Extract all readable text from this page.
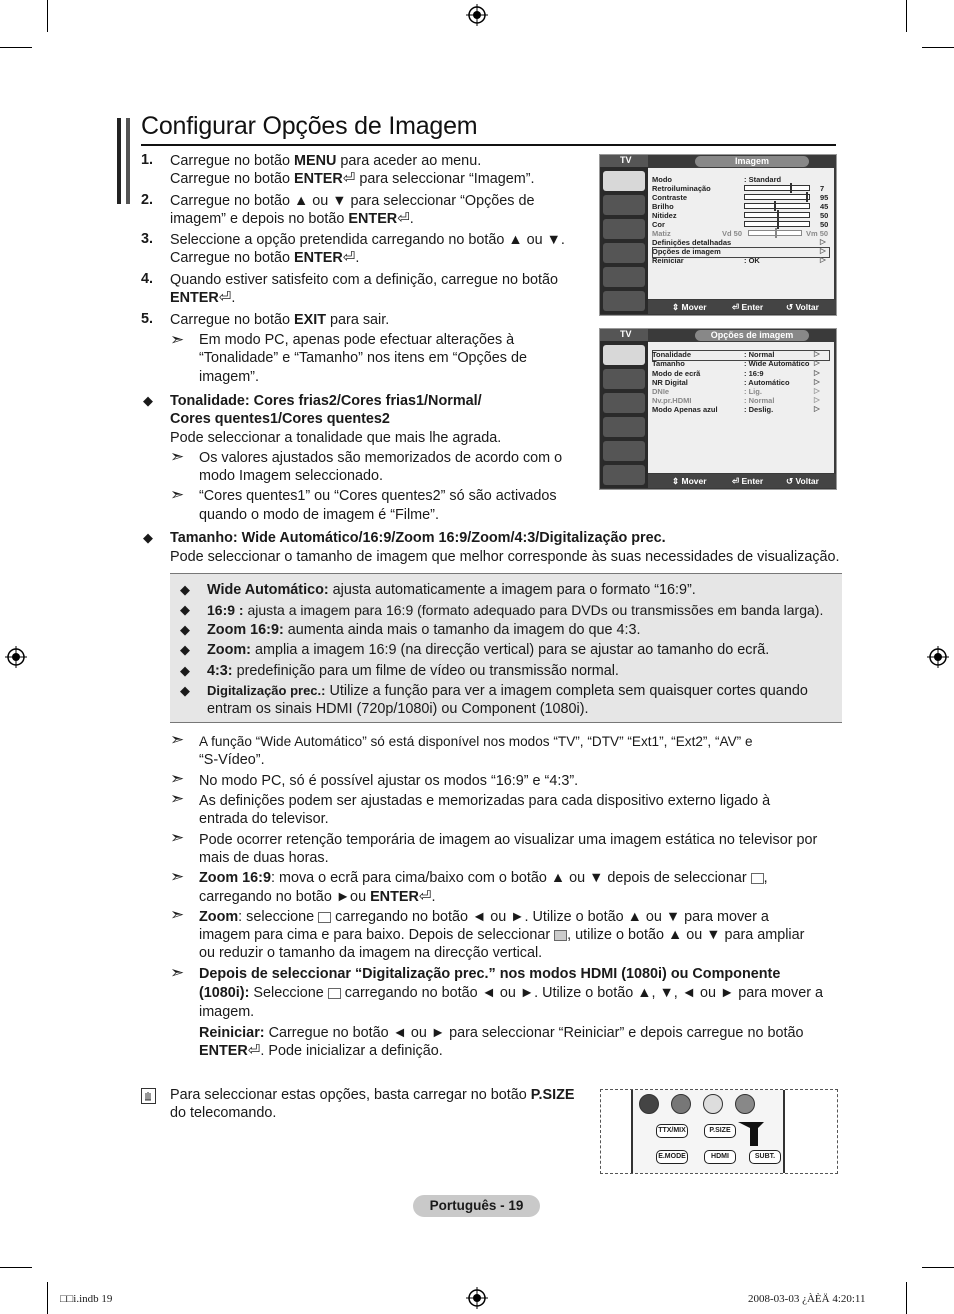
Configurar Opções de Imagem
1. Carregue no botão MENU para aceder ao menu.
Carregue no botão ENTER⏎ para seleccionar “Imagem”.
2. Carregue no botão ▲ ou ▼ para seleccionar “Opções de
imagem” e depois no botão ENTER⏎.
3. Seleccione a opção pretendida carregando no botão ▲ ou ▼.
Carregue no botão ENTER⏎.
4. Quando estiver satisfeito com a definição, carregue no botão
ENTER⏎.
5. Carregue no botão EXIT para sair.
➣ Em modo PC, apenas pode efectuar alterações à
“Tonalidade” e “Tamanho” nos itens em “Opções de
imagem”.
◆ Tonalidade: Cores frias2/Cores frias1/Normal/
Cores quentes1/Cores quentes2
Pode seleccionar a tonalidade que mais lhe agrada.
➣ Os valores ajustados são memorizados de acordo com o
modo Imagem seleccionado.
➣ “Cores quentes1” ou “Cores quentes2” só são activados
quando o modo de imagem é “Filme”.
◆ Tamanho: Wide Automático/16:9/Zoom 16:9/Zoom/4:3/Digitalização prec.
Pode seleccionar o tamanho de imagem que melhor corresponde às suas necessidades de visualização.
◆ Wide Automático: ajusta automaticamente a imagem para o formato “16:9”.
◆ 16:9 : ajusta a imagem para 16:9 (formato adequado para DVDs ou transmissões em banda larga).
◆ Zoom 16:9: aumenta ainda mais o tamanho da imagem do que 4:3.
◆ Zoom: amplia a imagem 16:9 (na direcção vertical) para se ajustar ao tamanho do ecrã.
◆ 4:3: predefinição para um filme de vídeo ou transmissão normal.
◆ Digitalização prec.: Utilize a função para ver a imagem completa sem quaisquer cortes quando
entram os sinais HDMI (720p/1080i) ou Component (1080i).
➣ A função “Wide Automático” só está disponível nos modos “TV”, “DTV” “Ext1”, “Ext2”, “AV” e
“S-Vídeo”.
➣ No modo PC, só é possível ajustar os modos “16:9” e “4:3”.
➣ As definições podem ser ajustadas e memorizadas para cada dispositivo externo ligado à
entrada do televisor.
➣ Pode ocorrer retenção temporária de imagem ao visualizar uma imagem estática no televisor por
mais de duas horas.
➣ Zoom 16:9: mova o ecrã para cima/baixo com o botão ▲ ou ▼ depois de seleccionar ,
carregando no botão ►ou ENTER⏎.
➣ Zoom: seleccione  carregando no botão ◄ ou ►. Utilize o botão ▲ ou ▼ para mover a
imagem para cima e para baixo. Depois de seleccionar , utilize o botão ▲ ou ▼ para ampliar
ou reduzir o tamanho da imagem na direcção vertical.
➣ Depois de seleccionar “Digitalização prec.” nos modos HDMI (1080i) ou Componente
(1080i): Seleccione  carregando no botão ◄ ou ►. Utilize o botão ▲, ▼, ◄ ou ► para mover a
imagem.
Reiniciar: Carregue no botão ◄ ou ► para seleccionar “Reiniciar” e depois carregue no botão
ENTER⏎. Pode inicializar a definição.
Para seleccionar estas opções, basta carregar no botão P.SIZE
do telecomando.
TTX/MIX	P.SIZE
E.MODE	HDMI	SUBT.
TV	Imagem
Modo	: Standard
Retroiluminação	7
Contraste	95
Brilho	45
Nitidez	50
Cor	50
Matiz	Vd 50	Vm 50
Definições detalhadas	▷
Opções de imagem	▷
Reiniciar	: OK	▷
⇕ Mover	⏎ Enter	↺ Voltar
TV	Opções de imagem
Tonalidade	: Normal	▷
Tamanho	: Wide Automático ▷
Modo de ecrã	: 16:9	▷
NR Digital	: Automático	▷
DNIe	: Lig.	▷
Nv.pr.HDMI	: Normal	▷
Modo Apenas azul	: Deslig.	▷
⇕ Mover	⏎ Enter	↺ Voltar
Português - 19
□□i.indb 19	2008-03-03 ¿ÀÈÄ 4:20:11
